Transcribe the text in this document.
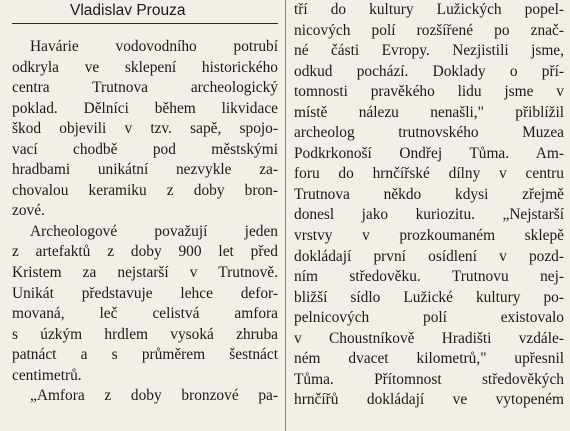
Vladislav Prouza
Havárie vodovodního potrubí
odkryla ve sklepení historického
centra Trutnova archeologický
poklad. Dělníci během likvidace
škod objevili v tzv. sapě, spojo-
vací chodbě pod městskými
hradbami unikátní nezvykle za-
chovalou keramiku z doby bron-
zové.
Archeologové považují jeden
z artefaktů z doby 900 let před
Kristem za nejstarší v Trutnově.
Unikát představuje lehce defor-
movaná, leč celistvá amfora
s úzkým hrdlem vysoká zhruba
patnáct a s průměrem šestnáct
centimetrů.
„Amfora z doby bronzové pa-
tří do kultury Lužických popel-
nicových polí rozšířené po znač-
né části Evropy. Nezjistili jsme,
odkud pochází. Doklady o pří-
tomnosti pravěkého lidu jsme v
místě nálezu nenašli," přiblížil
archeolog trutnovského Muzea
Podkrkonoší Ondřej Tůma. Am-
foru do hrnčířské dílny v centru
Trutnova někdo kdysi zřejmě
donesl jako kuriozitu. „Nejstarší
vrstvy v prozkoumaném sklepě
dokládají první osídlení v pozd-
ním středověku. Trutnovu nej-
bližší sídlo Lužické kultury po-
pelnicových polí existovalo
v Choustníkově Hradišti vzdále-
ném dvacet kilometrů," upřesnil
Tůma. Přítomnost středověkých
hrnčířů dokládají ve vytopeném
